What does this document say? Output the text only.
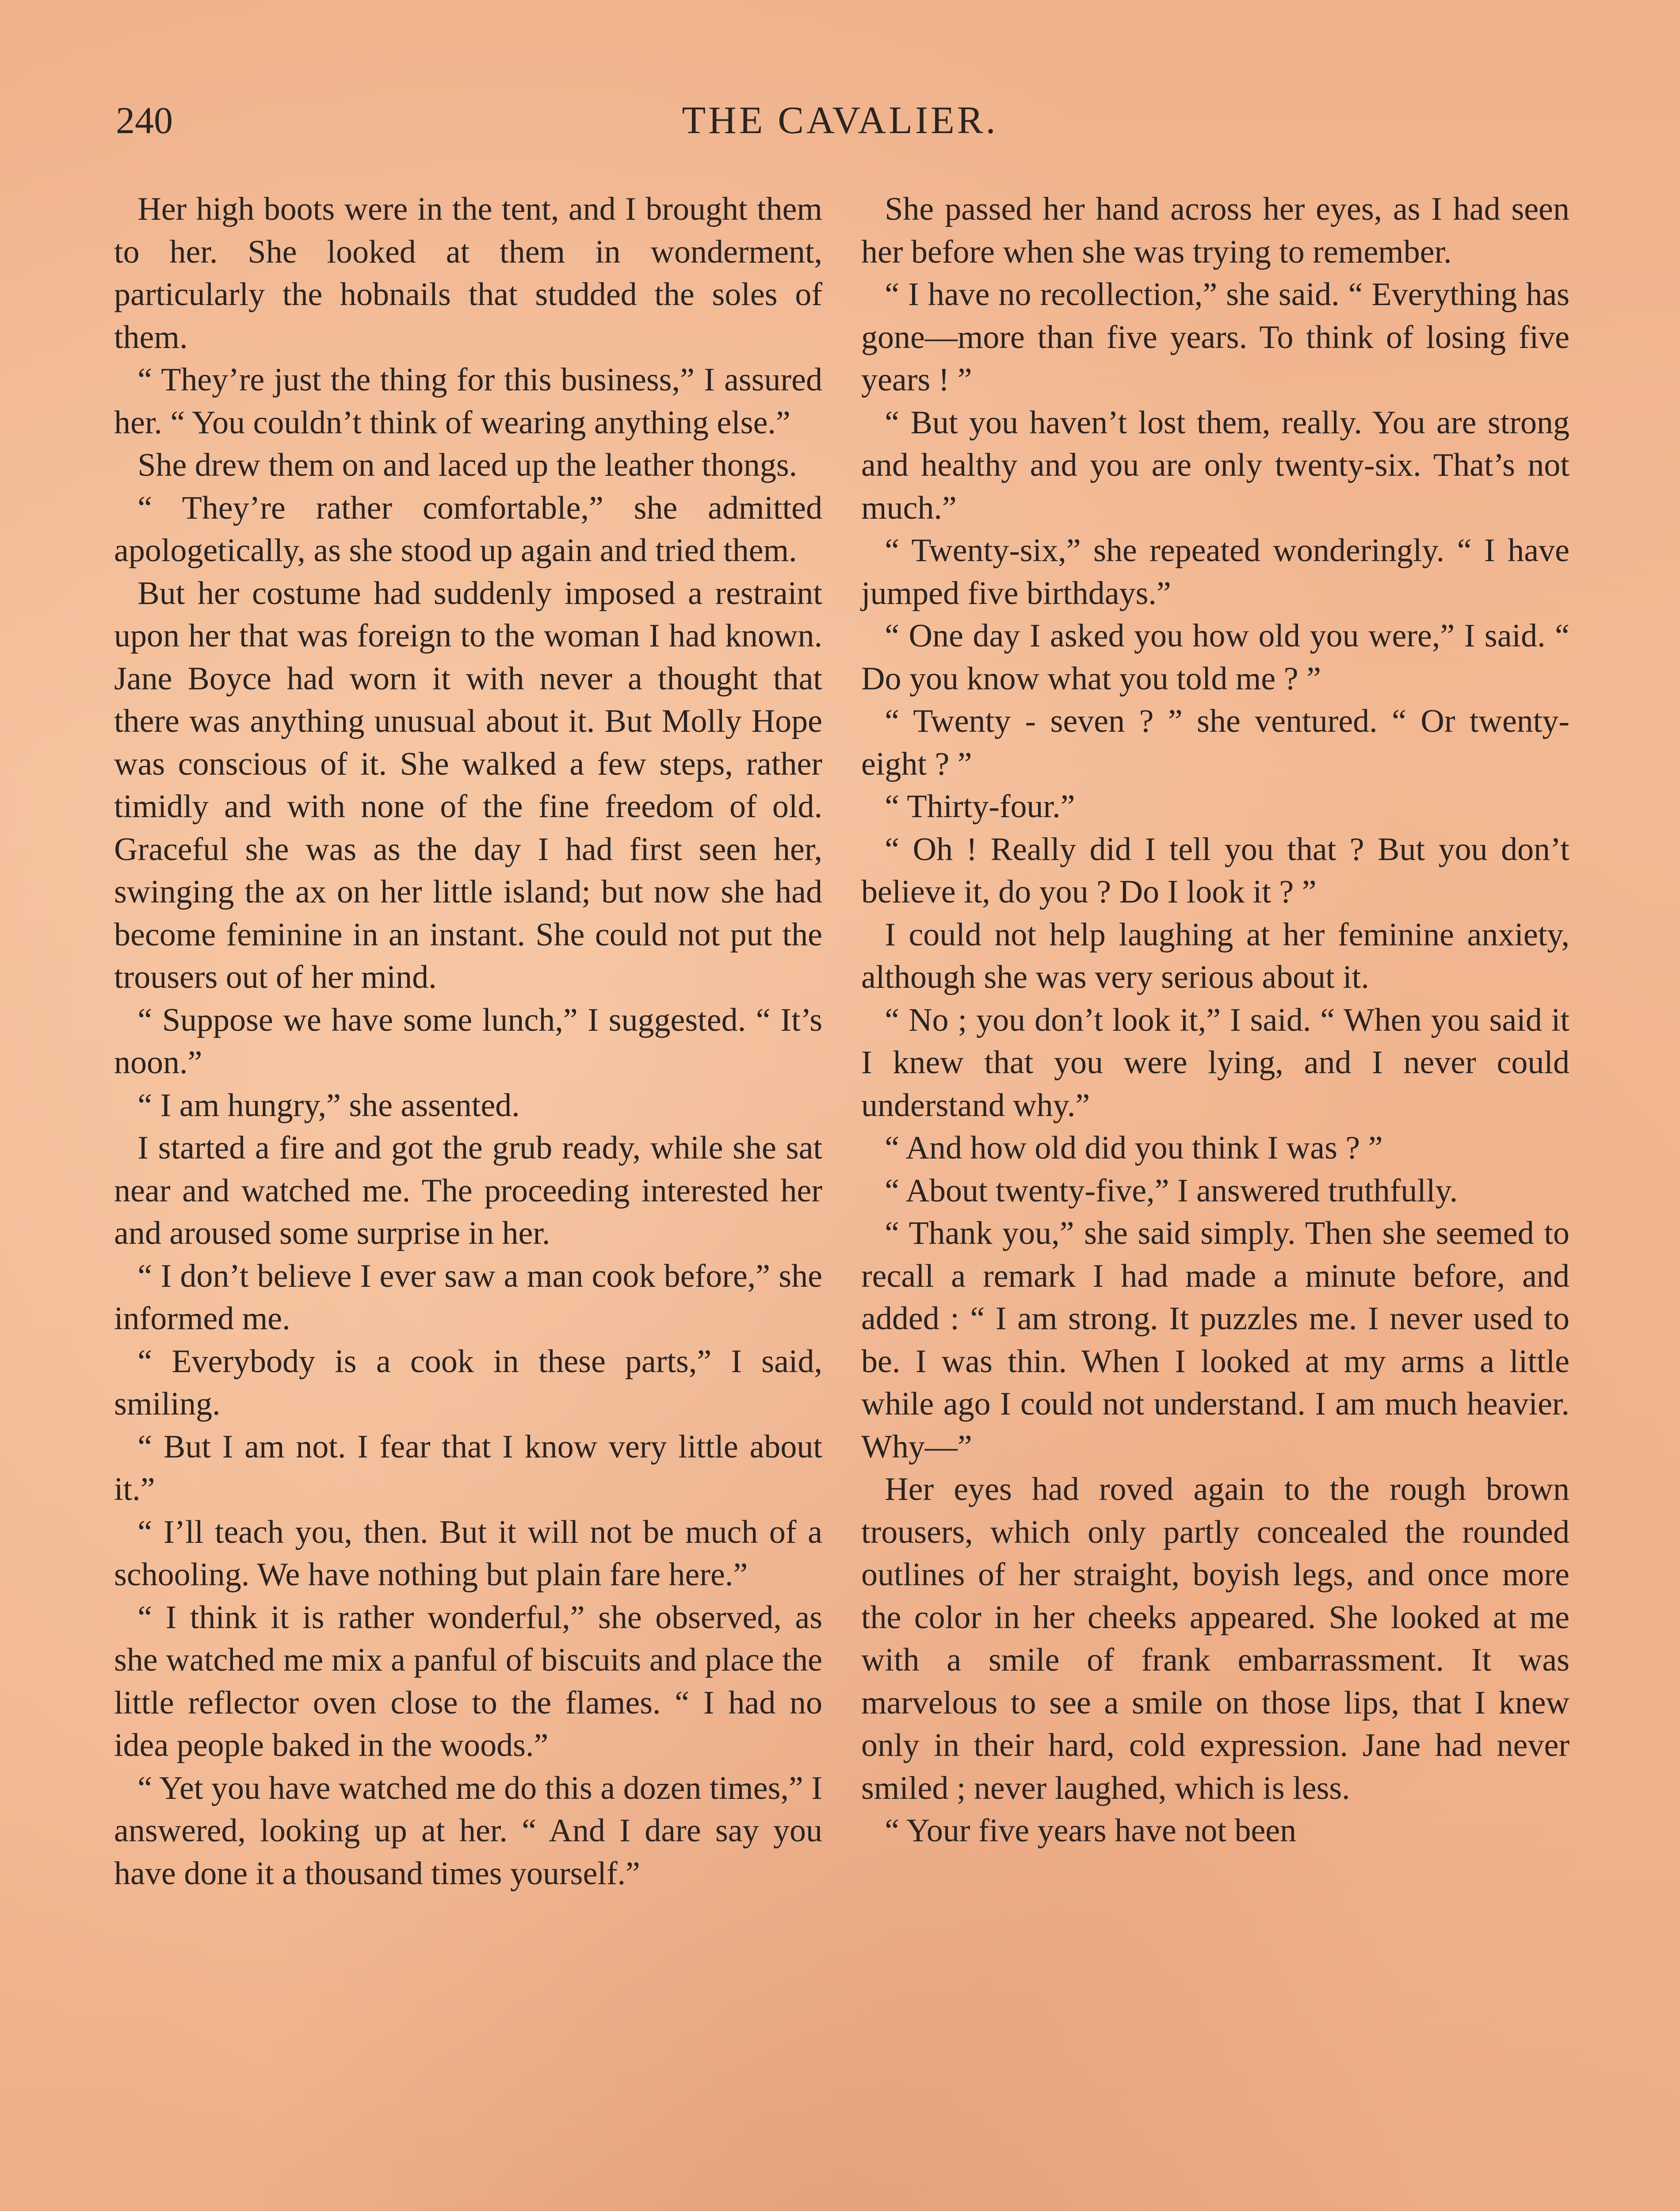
240	THE CAVALIER.

Her high boots were in the tent, and I brought them to her. She looked at them in wonderment, particularly the hobnails that studded the soles of them.

“ They’re just the thing for this business,” I assured her. “ You couldn’t think of wearing anything else.”

She drew them on and laced up the leather thongs.

“ They’re rather comfortable,” she admitted apologetically, as she stood up again and tried them.

But her costume had suddenly imposed a restraint upon her that was foreign to the woman I had known. Jane Boyce had worn it with never a thought that there was anything unusual about it. But Molly Hope was conscious of it. She walked a few steps, rather timidly and with none of the fine freedom of old. Graceful she was as the day I had first seen her, swinging the ax on her little island; but now she had become feminine in an instant. She could not put the trousers out of her mind.

“ Suppose we have some lunch,” I suggested. “ It’s noon.”

“ I am hungry,” she assented.

I started a fire and got the grub ready, while she sat near and watched me. The proceeding interested her and aroused some surprise in her.

“ I don’t believe I ever saw a man cook before,” she informed me.

“ Everybody is a cook in these parts,” I said, smiling.

“ But I am not. I fear that I know very little about it.”

“ I’ll teach you, then. But it will not be much of a schooling. We have nothing but plain fare here.”

“ I think it is rather wonderful,” she observed, as she watched me mix a panful of biscuits and place the little reflector oven close to the flames. “ I had no idea people baked in the woods.”

“ Yet you have watched me do this a dozen times,” I answered, looking up at her. “ And I dare say you have done it a thousand times yourself.”

She passed her hand across her eyes, as I had seen her before when she was trying to remember.

“ I have no recollection,” she said. “ Everything has gone—more than five years. To think of losing five years ! ”

“ But you haven’t lost them, really. You are strong and healthy and you are only twenty-six. That’s not much.”

“ Twenty-six,” she repeated wonderingly. “ I have jumped five birthdays.”

“ One day I asked you how old you were,” I said. “ Do you know what you told me ? ”

“ Twenty - seven ? ” she ventured. “ Or twenty-eight ? ”

“ Thirty-four.”

“ Oh ! Really did I tell you that ? But you don’t believe it, do you ? Do I look it ? ”

I could not help laughing at her feminine anxiety, although she was very serious about it.

“ No ; you don’t look it,” I said. “ When you said it I knew that you were lying, and I never could understand why.”

“ And how old did you think I was ? ”

“ About twenty-five,” I answered truthfully.

“ Thank you,” she said simply. Then she seemed to recall a remark I had made a minute before, and added : “ I am strong. It puzzles me. I never used to be. I was thin. When I looked at my arms a little while ago I could not understand. I am much heavier. Why—”

Her eyes had roved again to the rough brown trousers, which only partly concealed the rounded outlines of her straight, boyish legs, and once more the color in her cheeks appeared. She looked at me with a smile of frank embarrassment. It was marvelous to see a smile on those lips, that I knew only in their hard, cold expression. Jane had never smiled ; never laughed, which is less.

“ Your five years have not been
